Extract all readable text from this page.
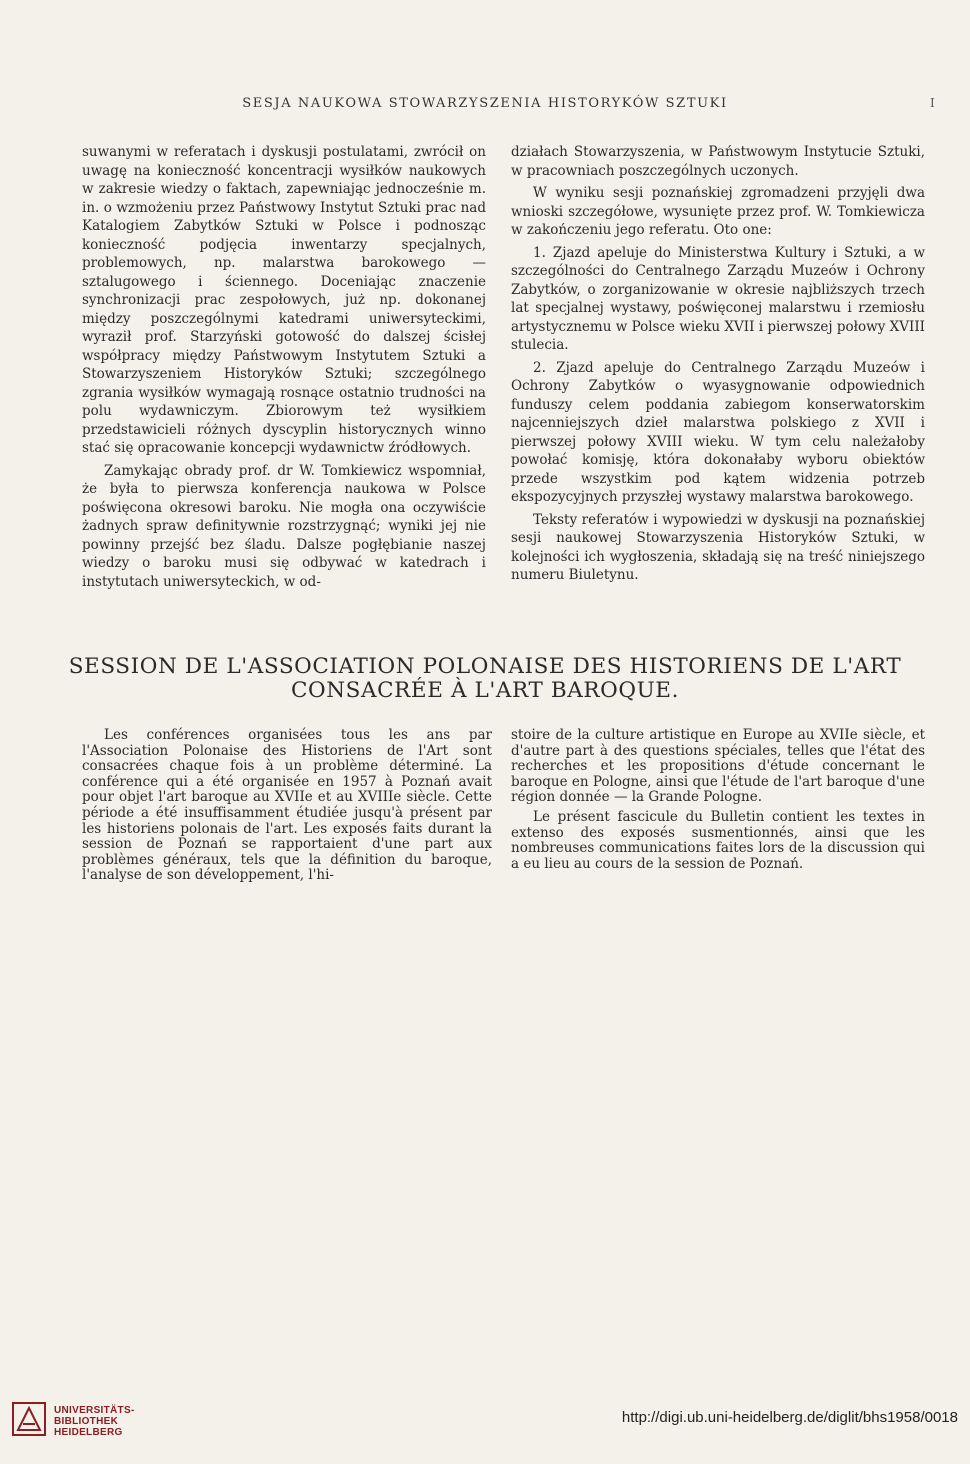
SESJA NAUKOWA STOWARZYSZENIA HISTORYKÓW SZTUKI	I

suwanymi w referatach i dyskusji postulatami, zwrócił on uwagę na konieczność koncentracji wysiłków naukowych w zakresie wiedzy o faktach, zapewniając jednocześnie m. in. o wzmożeniu przez Państwowy Instytut Sztuki prac nad Katalogiem Zabytków Sztuki w Polsce i podnosząc konieczność podjęcia inwentarzy specjalnych, problemowych, np. malarstwa barokowego — sztalugowego i ściennego. Doceniając znaczenie synchronizacji prac zespołowych, już np. dokonanej między poszczególnymi katedrami uniwersyteckimi, wyraził prof. Starzyński gotowość do dalszej ścisłej współpracy między Państwowym Instytutem Sztuki a Stowarzyszeniem Historyków Sztuki; szczególnego zgrania wysiłków wymagają rosnące ostatnio trudności na polu wydawniczym. Zbiorowym też wysiłkiem przedstawicieli różnych dyscyplin historycznych winno stać się opracowanie koncepcji wydawnictw źródłowych.

Zamykając obrady prof. dr W. Tomkiewicz wspomniał, że była to pierwsza konferencja naukowa w Polsce poświęcona okresowi baroku. Nie mogła ona oczywiście żadnych spraw definitywnie rozstrzygnąć; wyniki jej nie powinny przejść bez śladu. Dalsze pogłębianie naszej wiedzy o baroku musi się odbywać w katedrach i instytutach uniwersyteckich, w od-

działach Stowarzyszenia, w Państwowym Instytucie Sztuki, w pracowniach poszczególnych uczonych.

W wyniku sesji poznańskiej zgromadzeni przyjęli dwa wnioski szczegółowe, wysunięte przez prof. W. Tomkiewicza w zakończeniu jego referatu. Oto one:

1. Zjazd apeluje do Ministerstwa Kultury i Sztuki, a w szczególności do Centralnego Zarządu Muzeów i Ochrony Zabytków, o zorganizowanie w okresie najbliższych trzech lat specjalnej wystawy, poświęconej malarstwu i rzemiosłu artystycznemu w Polsce wieku XVII i pierwszej połowy XVIII stulecia.

2. Zjazd apeluje do Centralnego Zarządu Muzeów i Ochrony Zabytków o wyasygnowanie odpowiednich funduszy celem poddania zabiegom konserwatorskim najcenniejszych dzieł malarstwa polskiego z XVII i pierwszej połowy XVIII wieku. W tym celu należałoby powołać komisję, która dokonałaby wyboru obiektów przede wszystkim pod kątem widzenia potrzeb ekspozycyjnych przyszłej wystawy malarstwa barokowego.

Teksty referatów i wypowiedzi w dyskusji na poznańskiej sesji naukowej Stowarzyszenia Historyków Sztuki, w kolejności ich wygłoszenia, składają się na treść niniejszego numeru Biuletynu.

SESSION DE L'ASSOCIATION POLONAISE DES HISTORIENS DE L'ART
CONSACRÉE À L'ART BAROQUE.

Les conférences organisées tous les ans par l'Association Polonaise des Historiens de l'Art sont consacrées chaque fois à un problème déterminé. La conférence qui a été organisée en 1957 à Poznań avait pour objet l'art baroque au XVIIe et au XVIIIe siècle. Cette période a été insuffisamment étudiée jusqu'à présent par les historiens polonais de l'art. Les exposés faits durant la session de Poznań se rapportaient d'une part aux problèmes généraux, tels que la définition du baroque, l'analyse de son développement, l'hi-

stoire de la culture artistique en Europe au XVIIe siècle, et d'autre part à des questions spéciales, telles que l'état des recherches et les propositions d'étude concernant le baroque en Pologne, ainsi que l'étude de l'art baroque d'une région donnée — la Grande Pologne.

Le présent fascicule du Bulletin contient les textes in extenso des exposés susmentionnés, ainsi que les nombreuses communications faites lors de la discussion qui a eu lieu au cours de la session de Poznań.

UNIVERSITÄTS-
BIBLIOTHEK
HEIDELBERG
http://digi.ub.uni-heidelberg.de/diglit/bhs1958/0018
